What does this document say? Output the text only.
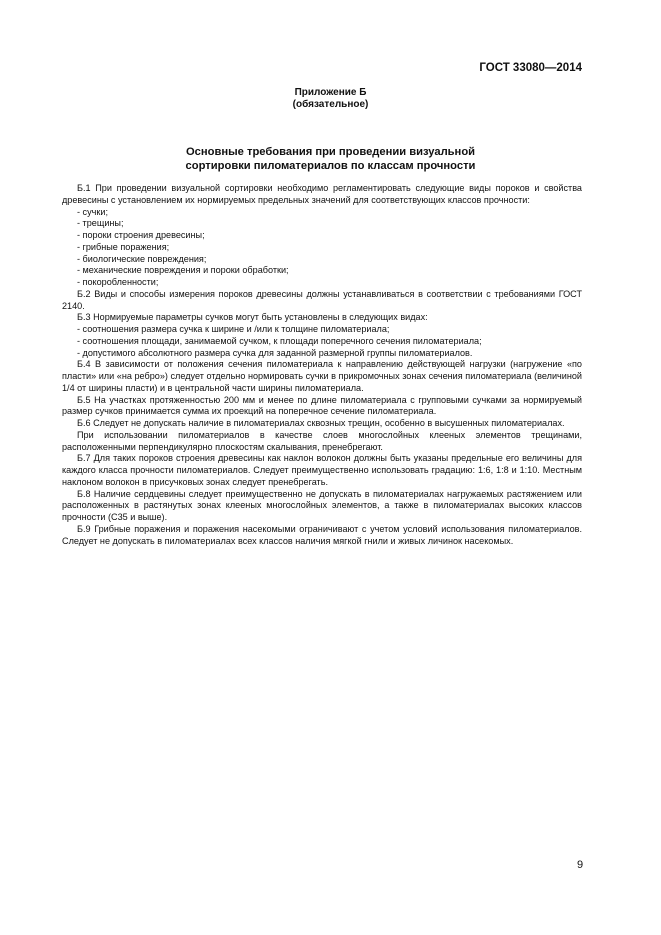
ГОСТ 33080—2014
Приложение Б
(обязательное)
Основные требования при проведении визуальной
сортировки пиломатериалов по классам прочности

Б.1 При проведении визуальной сортировки необходимо регламентировать следующие виды пороков и свойства древесины с установлением их нормируемых предельных значений для соответствующих классов прочности:

- сучки;

- трещины;

- пороки строения древесины;

- грибные поражения;

- биологические повреждения;

- механические повреждения и пороки обработки;

- покоробленности;

Б.2 Виды и способы измерения пороков древесины должны устанавливаться в соответствии с требованиями ГОСТ 2140.

Б.3 Нормируемые параметры сучков могут быть установлены в следующих видах:

- соотношения размера сучка к ширине и /или к толщине пиломатериала;

- соотношения площади, занимаемой сучком, к площади поперечного сечения пиломатериала;

- допустимого абсолютного размера сучка для заданной размерной группы пиломатериалов.

Б.4 В зависимости от положения сечения пиломатериала к направлению действующей нагрузки (нагружение «по пласти» или «на ребро») следует отдельно нормировать сучки в прикромочных зонах сечения пиломатериала (величиной 1/4 от ширины пласти) и в центральной части ширины пиломатериала.

Б.5 На участках протяженностью 200 мм и менее по длине пиломатериала с групповыми сучками за нормируемый размер сучков принимается сумма их проекций на поперечное сечение пиломатериала.

Б.6 Следует не допускать наличие в пиломатериалах сквозных трещин, особенно в высушенных пиломатериалах.

При использовании пиломатериалов в качестве слоев многослойных клееных элементов трещинами, расположенными перпендикулярно плоскостям скалывания, пренебрегают.

Б.7 Для таких пороков строения древесины как наклон волокон должны быть указаны предельные его величины для каждого класса прочности пиломатериалов. Следует преимущественно использовать градацию: 1:6, 1:8 и 1:10. Местным наклоном волокон в присучковых зонах следует пренебрегать.

Б.8 Наличие сердцевины следует преимущественно не допускать в пиломатериалах нагружаемых растяжением или расположенных в растянутых зонах клееных многослойных элементов, а также в пиломатериалах высоких классов прочности (С35 и выше).

Б.9 Грибные поражения и поражения насекомыми ограничивают с учетом условий использования пиломатериалов. Следует не допускать в пиломатериалах всех классов наличия мягкой гнили и живых личинок насекомых.

9
